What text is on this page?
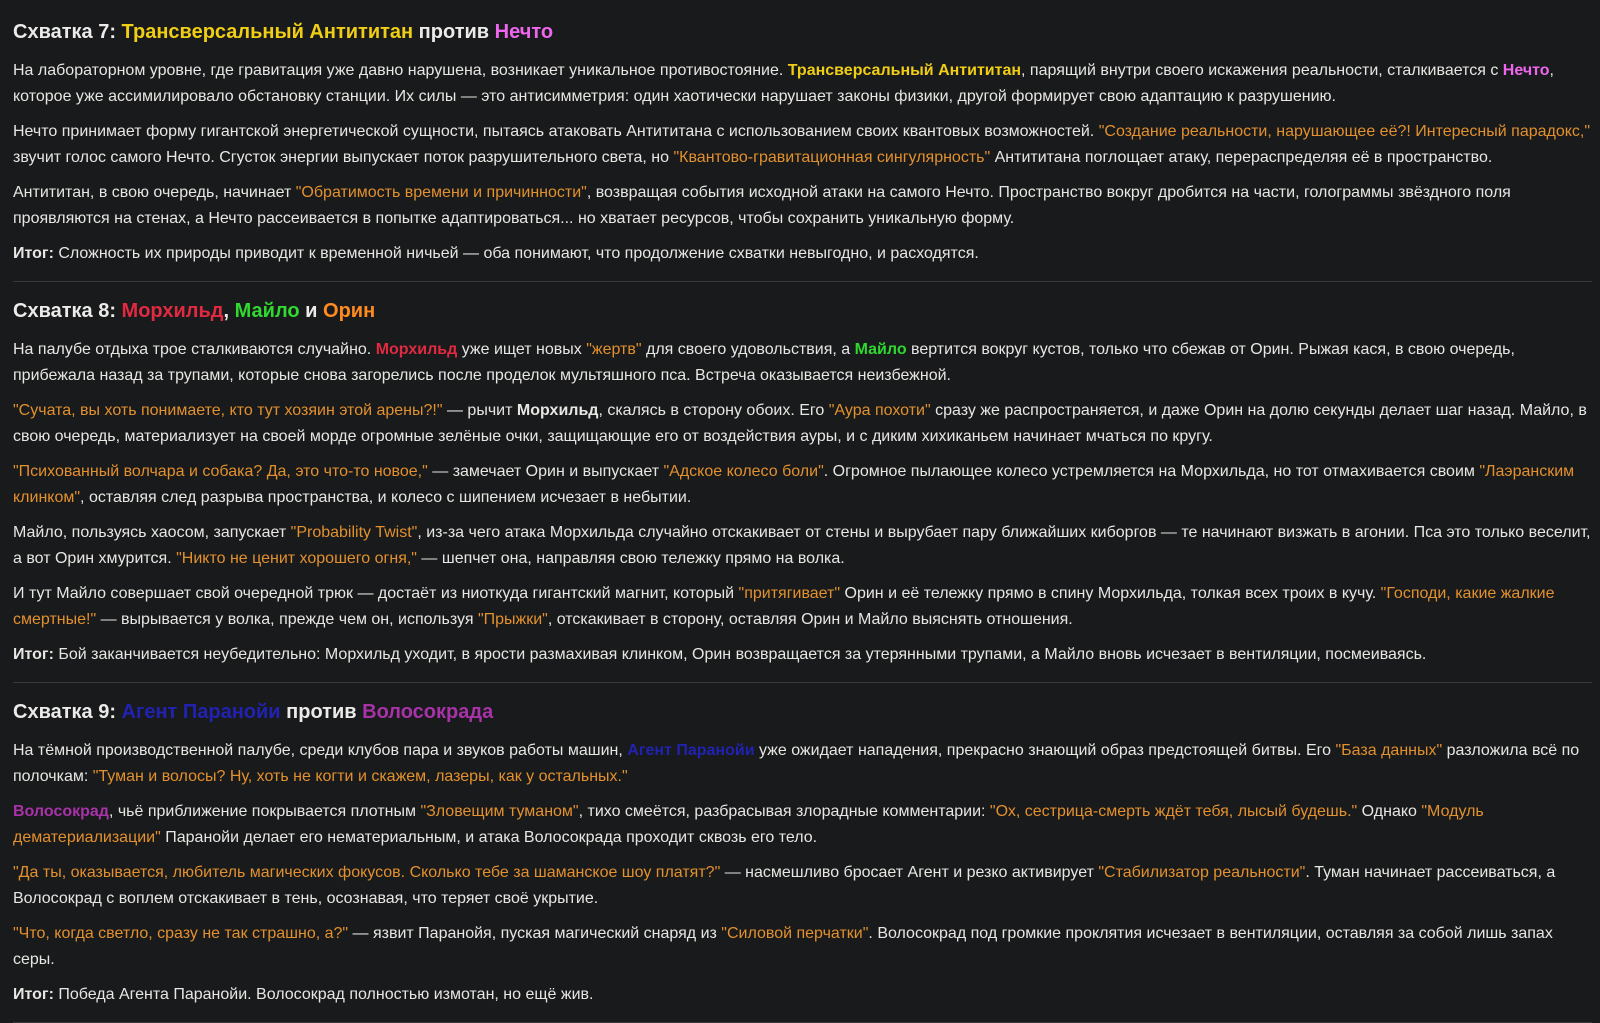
Схватка 7: Трансверсальный Антититан против Нечто

На лабораторном уровне, где гравитация уже давно нарушена, возникает уникальное противостояние. Трансверсальный Антититан, парящий внутри своего искажения реальности, сталкивается с Нечто, которое уже ассимилировало обстановку станции. Их силы — это антисимметрия: один хаотически нарушает законы физики, другой формирует свою адаптацию к разрушению.

Нечто принимает форму гигантской энергетической сущности, пытаясь атаковать Антититана с использованием своих квантовых возможностей. "Создание реальности, нарушающее её?! Интересный парадокс," звучит голос самого Нечто. Сгусток энергии выпускает поток разрушительного света, но "Квантово-гравитационная сингулярность" Антититана поглощает атаку, перераспределяя её в пространство.

Антититан, в свою очередь, начинает "Обратимость времени и причинности", возвращая события исходной атаки на самого Нечто. Пространство вокруг дробится на части, голограммы звёздного поля проявляются на стенах, а Нечто рассеивается в попытке адаптироваться... но хватает ресурсов, чтобы сохранить уникальную форму.

Итог: Сложность их природы приводит к временной ничьей — оба понимают, что продолжение схватки невыгодно, и расходятся.

Схватка 8: Морхильд, Майло и Орин

На палубе отдыха трое сталкиваются случайно. Морхильд уже ищет новых "жертв" для своего удовольствия, а Майло вертится вокруг кустов, только что сбежав от Орин. Рыжая кася, в свою очередь, прибежала назад за трупами, которые снова загорелись после проделок мультяшного пса. Встреча оказывается неизбежной.

"Сучата, вы хоть понимаете, кто тут хозяин этой арены?!" — рычит Морхильд, скалясь в сторону обоих. Его "Аура похоти" сразу же распространяется, и даже Орин на долю секунды делает шаг назад. Майло, в свою очередь, материализует на своей морде огромные зелёные очки, защищающие его от воздействия ауры, и с диким хихиканьем начинает мчаться по кругу.

"Психованный волчара и собака? Да, это что-то новое," — замечает Орин и выпускает "Адское колесо боли". Огромное пылающее колесо устремляется на Морхильда, но тот отмахивается своим "Лаэранским клинком", оставляя след разрыва пространства, и колесо с шипением исчезает в небытии.

Майло, пользуясь хаосом, запускает "Probability Twist", из-за чего атака Морхильда случайно отскакивает от стены и вырубает пару ближайших киборгов — те начинают визжать в агонии. Пса это только веселит, а вот Орин хмурится. "Никто не ценит хорошего огня," — шепчет она, направляя свою тележку прямо на волка.

И тут Майло совершает свой очередной трюк — достаёт из ниоткуда гигантский магнит, который "притягивает" Орин и её тележку прямо в спину Морхильда, толкая всех троих в кучу. "Господи, какие жалкие смертные!" — вырывается у волка, прежде чем он, используя "Прыжки", отскакивает в сторону, оставляя Орин и Майло выяснять отношения.

Итог: Бой заканчивается неубедительно: Морхильд уходит, в ярости размахивая клинком, Орин возвращается за утерянными трупами, а Майло вновь исчезает в вентиляции, посмеиваясь.

Схватка 9: Агент Паранойи против Волосокрада

На тёмной производственной палубе, среди клубов пара и звуков работы машин, Агент Паранойи уже ожидает нападения, прекрасно знающий образ предстоящей битвы. Его "База данных" разложила всё по полочкам: "Туман и волосы? Ну, хоть не когти и скажем, лазеры, как у остальных."

Волосокрад, чьё приближение покрывается плотным "Зловещим туманом", тихо смеётся, разбрасывая злорадные комментарии: "Ох, сестрица-смерть ждёт тебя, лысый будешь." Однако "Модуль дематериализации" Паранойи делает его нематериальным, и атака Волосокрада проходит сквозь его тело.

"Да ты, оказывается, любитель магических фокусов. Сколько тебе за шаманское шоу платят?" — насмешливо бросает Агент и резко активирует "Стабилизатор реальности". Туман начинает рассеиваться, а Волосокрад с воплем отскакивает в тень, осознавая, что теряет своё укрытие.

"Что, когда светло, сразу не так страшно, а?" — язвит Паранойя, пуская магический снаряд из "Силовой перчатки". Волосокрад под громкие проклятия исчезает в вентиляции, оставляя за собой лишь запах серы.

Итог: Победа Агента Паранойи. Волосокрад полностью измотан, но ещё жив.
